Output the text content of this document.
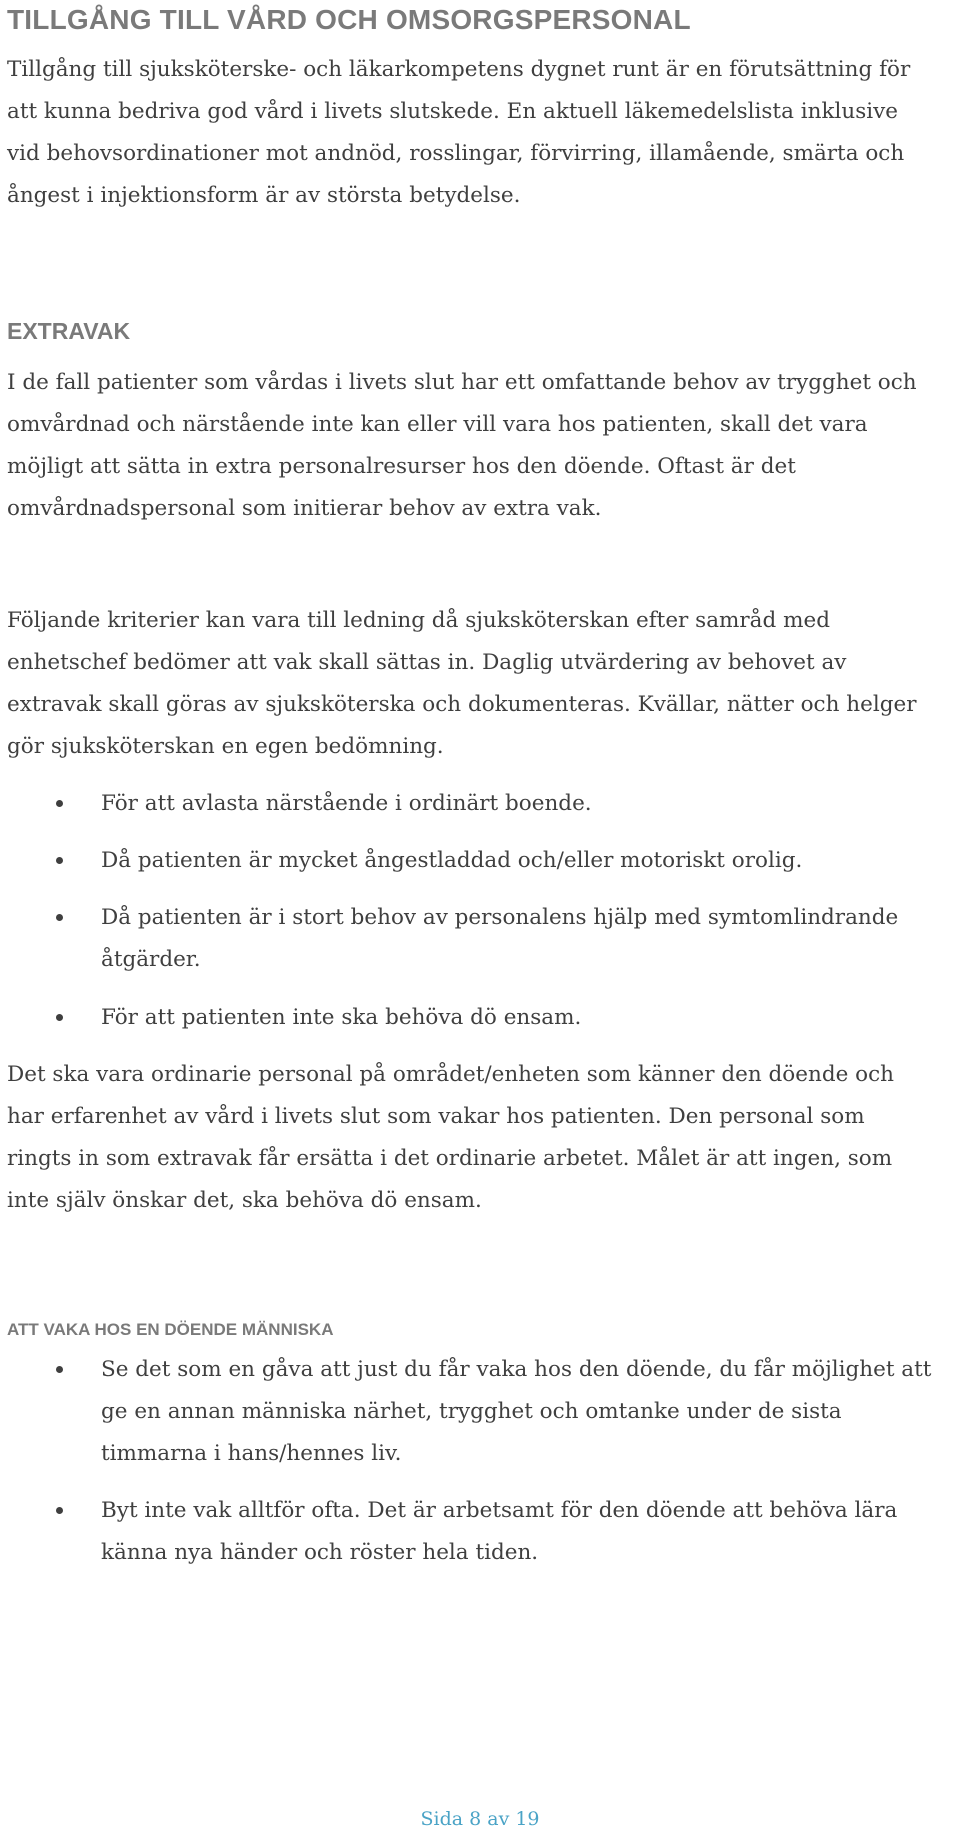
TILLGÅNG TILL VÅRD OCH OMSORGSPERSONAL

Tillgång till sjuksköterske- och läkarkompetens dygnet runt är en förutsättning för
att kunna bedriva god vård i livets slutskede. En aktuell läkemedelslista inklusive
vid behovsordinationer mot andnöd, rosslingar, förvirring, illamående, smärta och
ångest i injektionsform är av största betydelse.

EXTRAVAK

I de fall patienter som vårdas i livets slut har ett omfattande behov av trygghet och
omvårdnad och närstående inte kan eller vill vara hos patienten, skall det vara
möjligt att sätta in extra personalresurser hos den döende. Oftast är det
omvårdnadspersonal som initierar behov av extra vak.

Följande kriterier kan vara till ledning då sjuksköterskan efter samråd med
enhetschef bedömer att vak skall sättas in. Daglig utvärdering av behovet av
extravak skall göras av sjuksköterska och dokumenteras. Kvällar, nätter och helger
gör sjuksköterskan en egen bedömning.

För att avlasta närstående i ordinärt boende.
Då patienten är mycket ångestladdad och/eller motoriskt orolig.
Då patienten är i stort behov av personalens hjälp med symtomlindrande
åtgärder.
För att patienten inte ska behöva dö ensam.

Det ska vara ordinarie personal på området/enheten som känner den döende och
har erfarenhet av vård i livets slut som vakar hos patienten. Den personal som
ringts in som extravak får ersätta i det ordinarie arbetet. Målet är att ingen, som
inte själv önskar det, ska behöva dö ensam.

ATT VAKA HOS EN DÖENDE MÄNNISKA
Se det som en gåva att just du får vaka hos den döende, du får möjlighet att
ge en annan människa närhet, trygghet och omtanke under de sista
timmarna i hans/hennes liv.
Byt inte vak alltför ofta. Det är arbetsamt för den döende att behöva lära
känna nya händer och röster hela tiden.
Sida 8 av 19
